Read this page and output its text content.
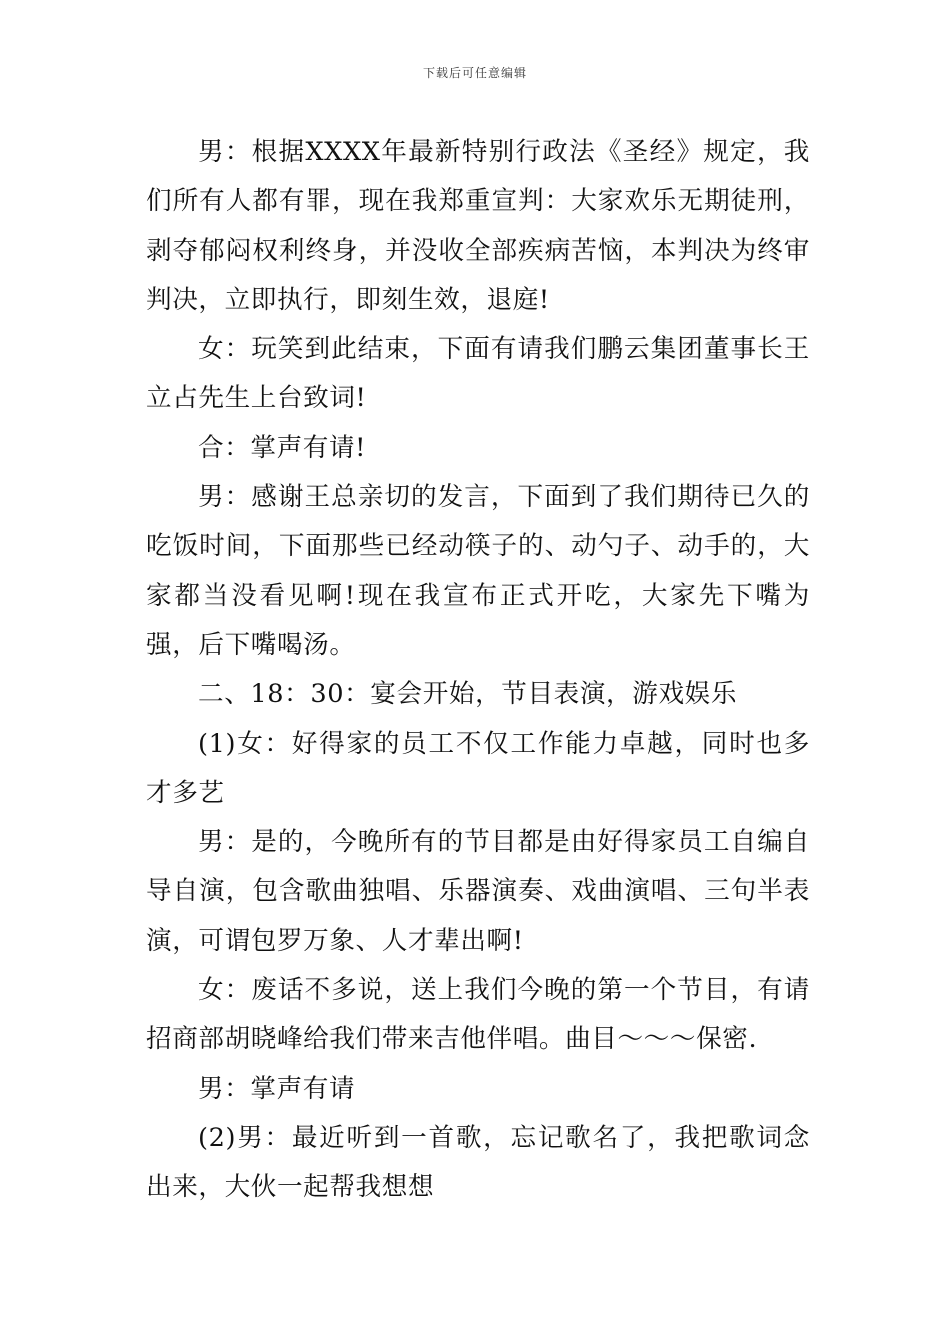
下载后可任意编辑

男：根据XXXX年最新特别行政法《圣经》规定，我们所有人都有罪，现在我郑重宣判：大家欢乐无期徒刑，剥夺郁闷权利终身，并没收全部疾病苦恼，本判决为终审判决，立即执行，即刻生效，退庭!

女：玩笑到此结束，下面有请我们鹏云集团董事长王立占先生上台致词!

合：掌声有请!

男：感谢王总亲切的发言，下面到了我们期待已久的吃饭时间，下面那些已经动筷子的、动勺子、动手的，大家都当没看见啊!现在我宣布正式开吃，大家先下嘴为强，后下嘴喝汤。

二、18：30：宴会开始，节目表演，游戏娱乐

(1)女：好得家的员工不仅工作能力卓越，同时也多才多艺

男：是的，今晚所有的节目都是由好得家员工自编自导自演，包含歌曲独唱、乐器演奏、戏曲演唱、三句半表演，可谓包罗万象、人才辈出啊!

女：废话不多说，送上我们今晚的第一个节目，有请招商部胡晓峰给我们带来吉他伴唱。曲目～～～保密.

男：掌声有请

(2)男：最近听到一首歌，忘记歌名了，我把歌词念出来，大伙一起帮我想想
